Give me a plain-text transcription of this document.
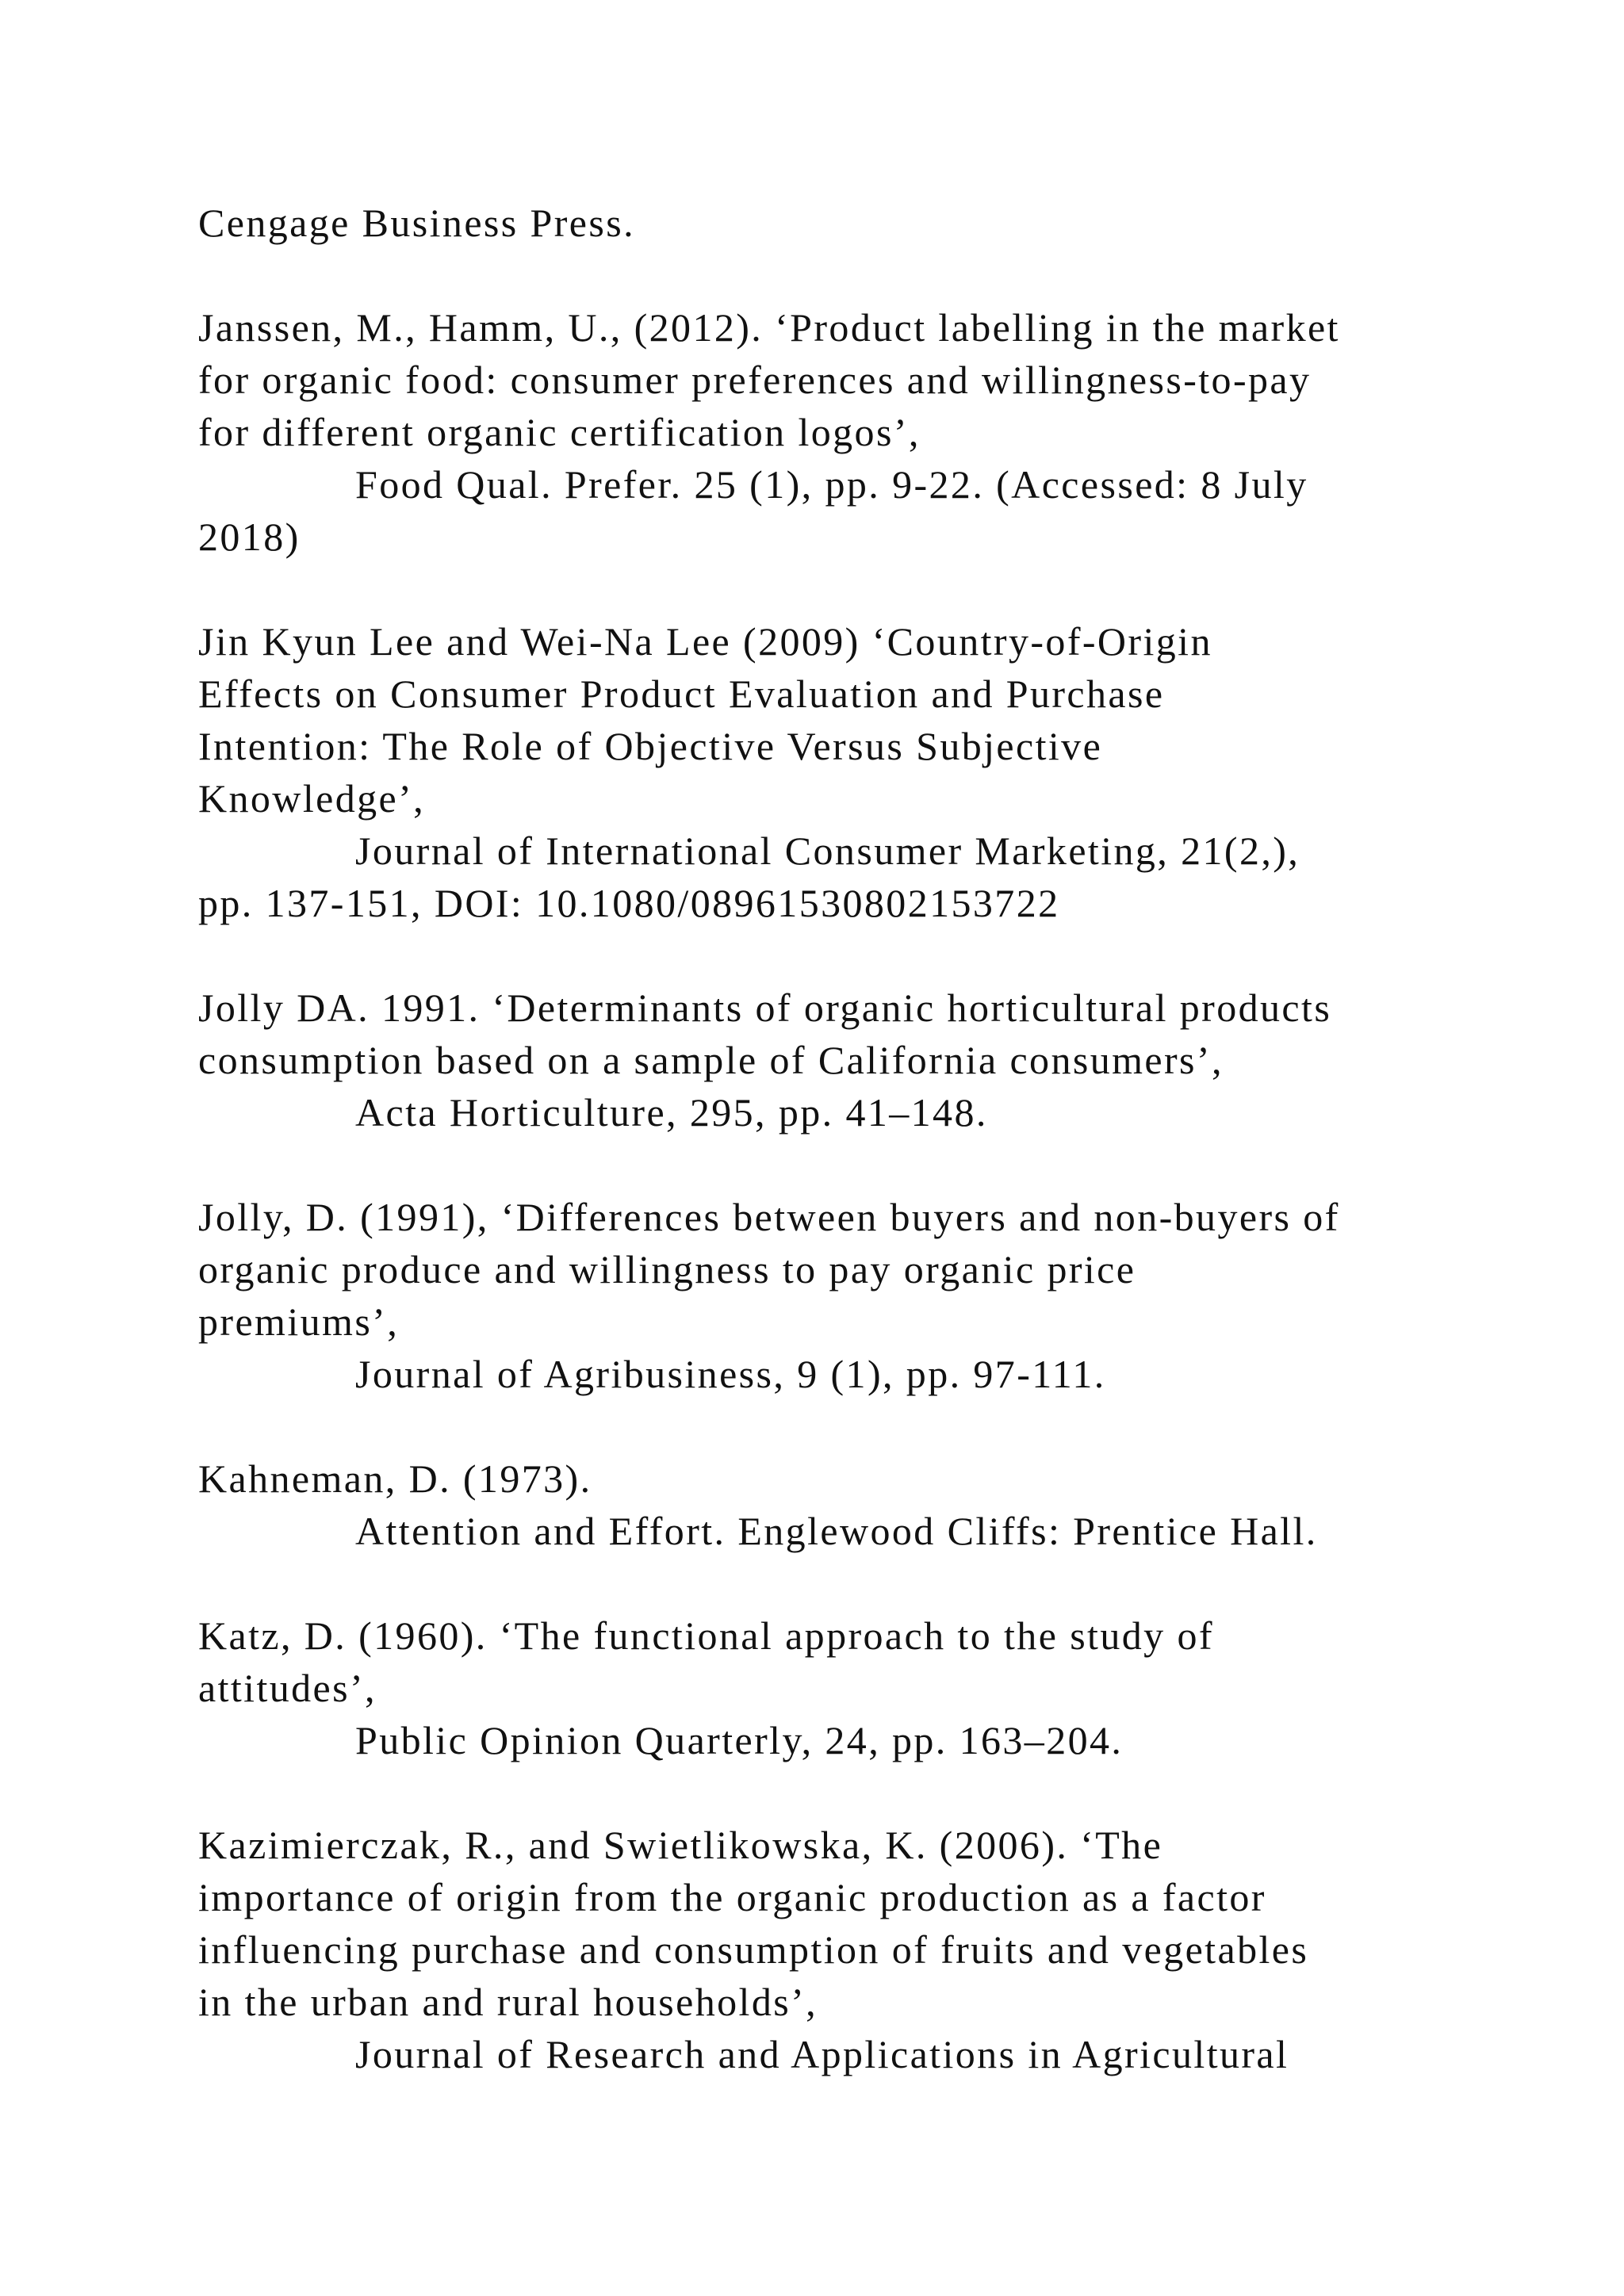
Cengage Business Press.
Janssen, M., Hamm, U., (2012). ‘Product labelling in the market
for organic food: consumer preferences and willingness-to-pay
for different organic certification logos’,
Food Qual. Prefer. 25 (1), pp. 9-22. (Accessed: 8 July
2018)
Jin Kyun Lee and Wei-Na Lee (2009) ‘Country-of-Origin
Effects on Consumer Product Evaluation and Purchase
Intention: The Role of Objective Versus Subjective
Knowledge’,
Journal of International Consumer Marketing, 21(2,),
pp. 137-151, DOI: 10.1080/08961530802153722
Jolly DA. 1991. ‘Determinants of organic horticultural products
consumption based on a sample of California consumers’,
Acta Horticulture, 295, pp. 41–148.
Jolly, D. (1991), ‘Differences between buyers and non-buyers of
organic produce and willingness to pay organic price
premiums’,
Journal of Agribusiness, 9 (1), pp. 97-111.
Kahneman, D. (1973).
Attention and Effort. Englewood Cliffs: Prentice Hall.
Katz, D. (1960). ‘The functional approach to the study of
attitudes’,
Public Opinion Quarterly, 24, pp. 163–204.
Kazimierczak, R., and Swietlikowska, K. (2006). ‘The
importance of origin from the organic production as a factor
influencing purchase and consumption of fruits and vegetables
in the urban and rural households’,
Journal of Research and Applications in Agricultural
